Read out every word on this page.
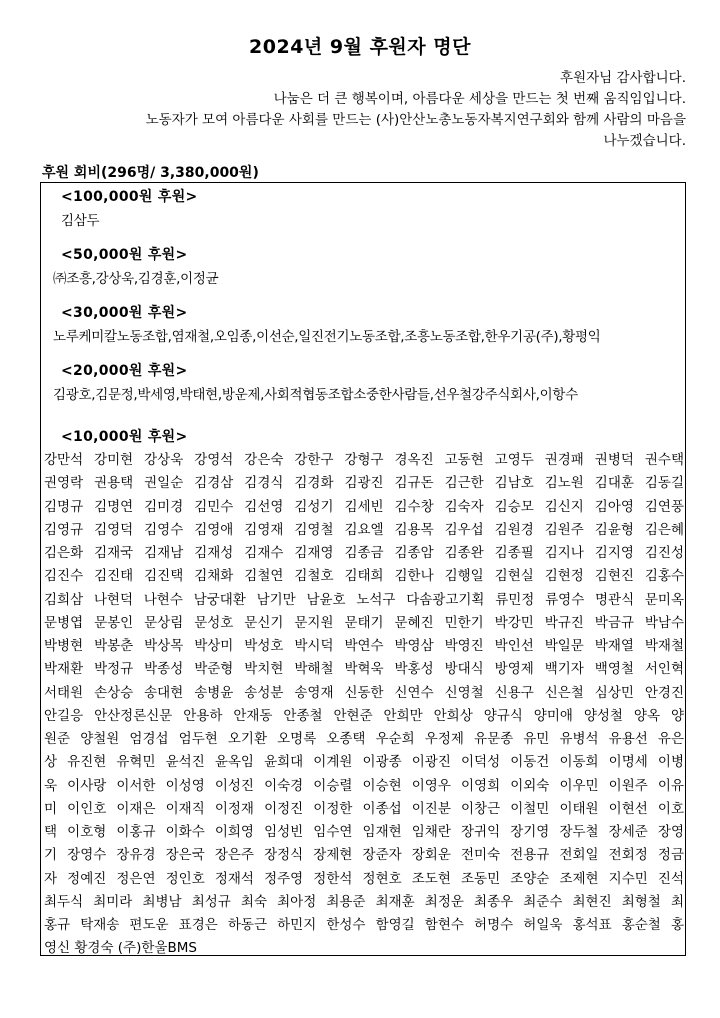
2024년 9월 후원자 명단
후원자님 감사합니다.
나눔은 더 큰 행복이며, 아름다운 세상을 만드는 첫 번째 움직임입니다.
노동자가 모여 아름다운 사회를 만드는 (사)안산노총노동자복지연구회와 함께 사람의 마음을
나누겠습니다.
후원 회비(296명/ 3,380,000원)
<100,000원 후원>
김삼두
<50,000원 후원>
㈜조흥,강상욱,김경훈,이정균
<30,000원 후원>
노루케미칼노동조합,염재철,오임종,이선순,일진전기노동조합,조흥노동조합,한우기공(주),황평익
<20,000원 후원>
김광호,김문정,박세영,박태현,방운제,사회적협동조합소중한사람들,선우철강주식회사,이항수
<10,000원 후원>
강만석 강미현 강상욱 강영석 강은숙 강한구 강형구 경옥진 고동현 고영두 권경패 권병덕 권수택
권영락 권용택 권일순 김경삼 김경식 김경화 김광진 김규돈 김근한 김남호 김노원 김대훈 김동길
김명규 김명연 김미경 김민수 김선영 김성기 김세빈 김수창 김숙자 김승모 김신지 김아영 김연풍
김영규 김영덕 김영수 김영애 김영재 김영철 김요엘 김용목 김우섭 김원경 김원주 김윤형 김은혜
김은화 김재국 김재남 김재성 김재수 김재영 김종금 김종암 김종완 김종필 김지나 김지영 김진성
김진수 김진태 김진택 김채화 김철연 김철호 김태희 김한나 김행일 김현실 김현정 김현진 김홍수
김희삼 나현덕 나현수 남궁대환 남기만 남윤호 노석구 다솜광고기획 류민정 류영수 명관식 문미옥
문병엽 문봉인 문상림 문성호 문신기 문지원 문태기 문혜진 민한기 박강민 박규진 박금규 박남수
박병현 박봉춘 박상목 박상미 박성호 박시덕 박연수 박영삼 박영진 박인선 박일문 박재열 박재철
박재환 박정규 박종성 박준형 박치현 박해철 박혁욱 박홍성 방대식 방영제 백기자 백영철 서인혁
서태원 손상승 송대현 송병윤 송성분 송영재 신동한 신연수 신영철 신용구 신은철 심상민 안경진
안길응 안산정론신문 안용하 안재동 안종철 안현준 안희만 안희상 양규식 양미애 양성철 양옥 양
원준 양철원 엄경섭 엄두현 오기환 오명록 오종택 우순희 우정제 유문종 유민 유병석 유용선 유은
상 유진현 유혁민 윤석진 윤옥임 윤희대 이계원 이광종 이광진 이덕성 이동건 이동희 이명세 이병
욱 이사랑 이서한 이성영 이성진 이숙경 이승렬 이승현 이영우 이영희 이외숙 이우민 이원주 이유
미 이인호 이재은 이재직 이정재 이정진 이정한 이종섭 이진분 이창근 이철민 이태원 이현선 이호
택 이호형 이홍규 이화수 이희영 임성빈 임수연 임재현 임채란 장귀익 장기영 장두철 장세준 장영
기 장영수 장유경 장은국 장은주 장정식 장제현 장준자 장회운 전미숙 전용규 전회일 전회정 정금
자 정예진 정은연 정인호 정재석 정주영 정한석 정현호 조도현 조동민 조양순 조제현 지수민 진석
최두식 최미라 최병남 최성규 최숙 최아정 최용준 최재훈 최정운 최종우 최준수 최현진 최형철 최
홍규 탁재송 편도운 표경은 하동근 하민지 한성수 함영길 함현수 허명수 허일욱 홍석표 홍순철 홍
영신 황경숙 (주)한울BMS
